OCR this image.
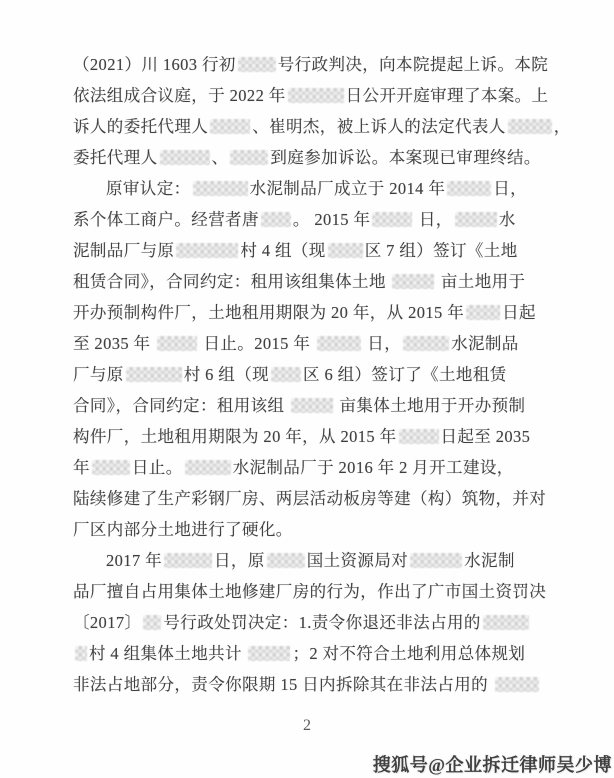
（2021）川 1603 行初	号行政判决，向本院提起上诉。本院
依法组成合议庭，于 2022 年	日公开开庭审理了本案。上
诉人的委托代理人	、崔明杰，被上诉人的法定代表人	，
委托代理人	、	到庭参加诉讼。本案现已审理终结。
原审认定：	水泥制品厂成立于 2014 年	日，
系个体工商户。经营者唐 。 2015 年	日，	水
泥制品厂与原	村 4 组（现 区 7 组）签订《土地
租赁合同》，合同约定：租用该组集体土地	亩土地用于
开办预制构件厂，土地租用期限为 20 年，从 2015 年 日起
至 2035 年	日止。2015 年	日，	水泥制品
厂与原	村 6 组（现 区 6 组）签订了《土地租赁
合同》，合同约定：租用该组	亩集体土地用于开办预制
构件厂，土地租用期限为 20 年，从 2015 年	日起至 2035
年	日止。	水泥制品厂于 2016 年 2 月开工建设，
陆续修建了生产彩钢厂房、两层活动板房等建（构）筑物，并对
厂区内部分土地进行了硬化。
2017 年	日，原	国土资源局对	水泥制
品厂擅自占用集体土地修建厂房的行为，作出了广市国土资罚决
〔2017〕 号行政处罚决定：1.责令你退还非法占用的
村 4 组集体土地共计	；2 对不符合土地利用总体规划
非法占地部分，责令你限期 15 日内拆除其在非法占用的
2
搜狐号@企业拆迁律师吴少博
